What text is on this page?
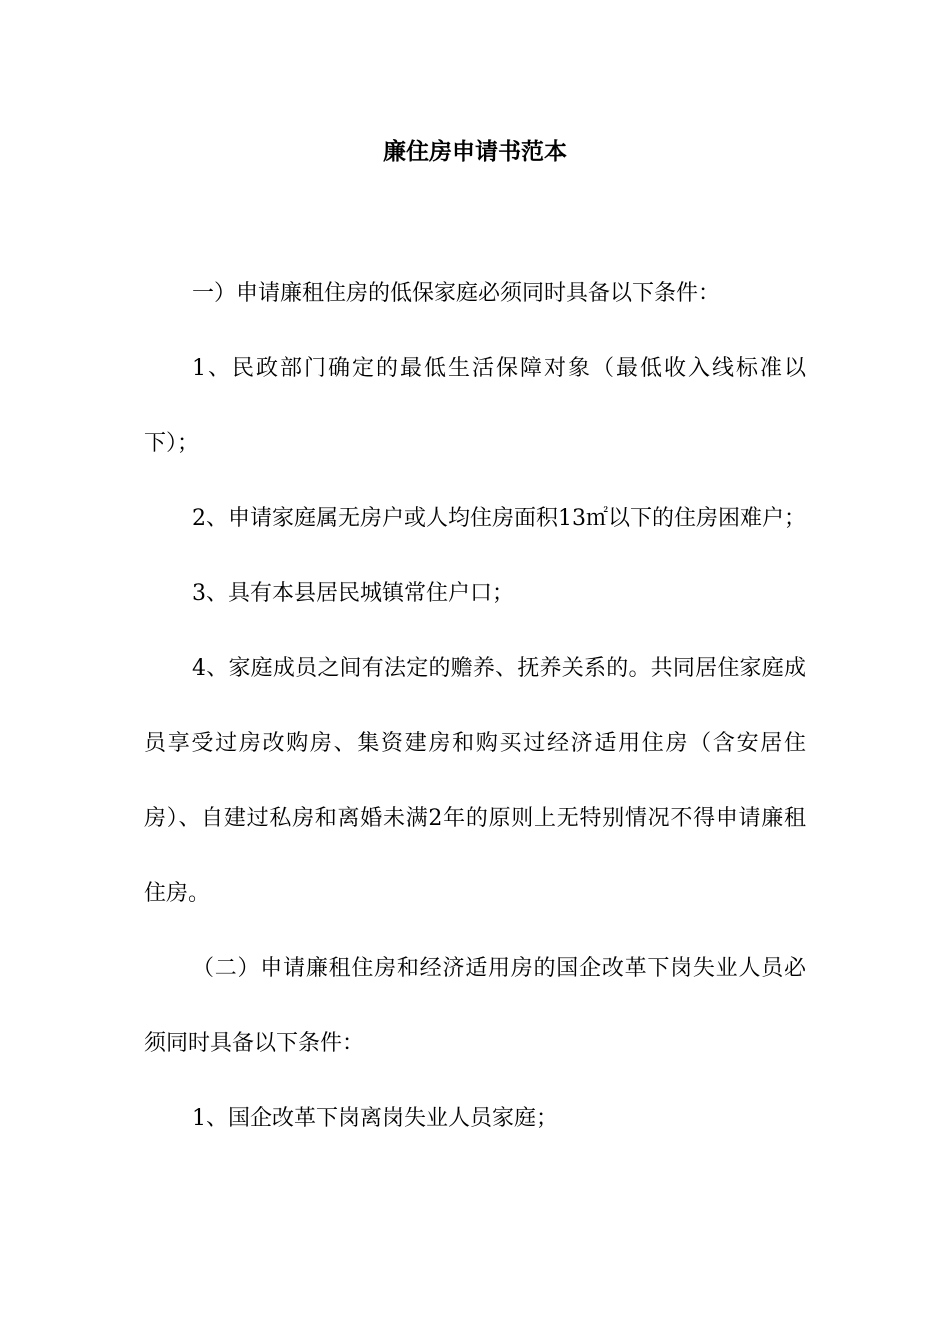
廉住房申请书范本

一）申请廉租住房的低保家庭必须同时具备以下条件：

1、民政部门确定的最低生活保障对象（最低收入线标准以下）；

2、申请家庭属无房户或人均住房面积13㎡以下的住房困难户；

3、具有本县居民城镇常住户口；

4、家庭成员之间有法定的赡养、抚养关系的。共同居住家庭成员享受过房改购房、集资建房和购买过经济适用住房（含安居住房）、自建过私房和离婚未满2年的原则上无特别情况不得申请廉租住房。

（二）申请廉租住房和经济适用房的国企改革下岗失业人员必须同时具备以下条件：

1、国企改革下岗离岗失业人员家庭；
